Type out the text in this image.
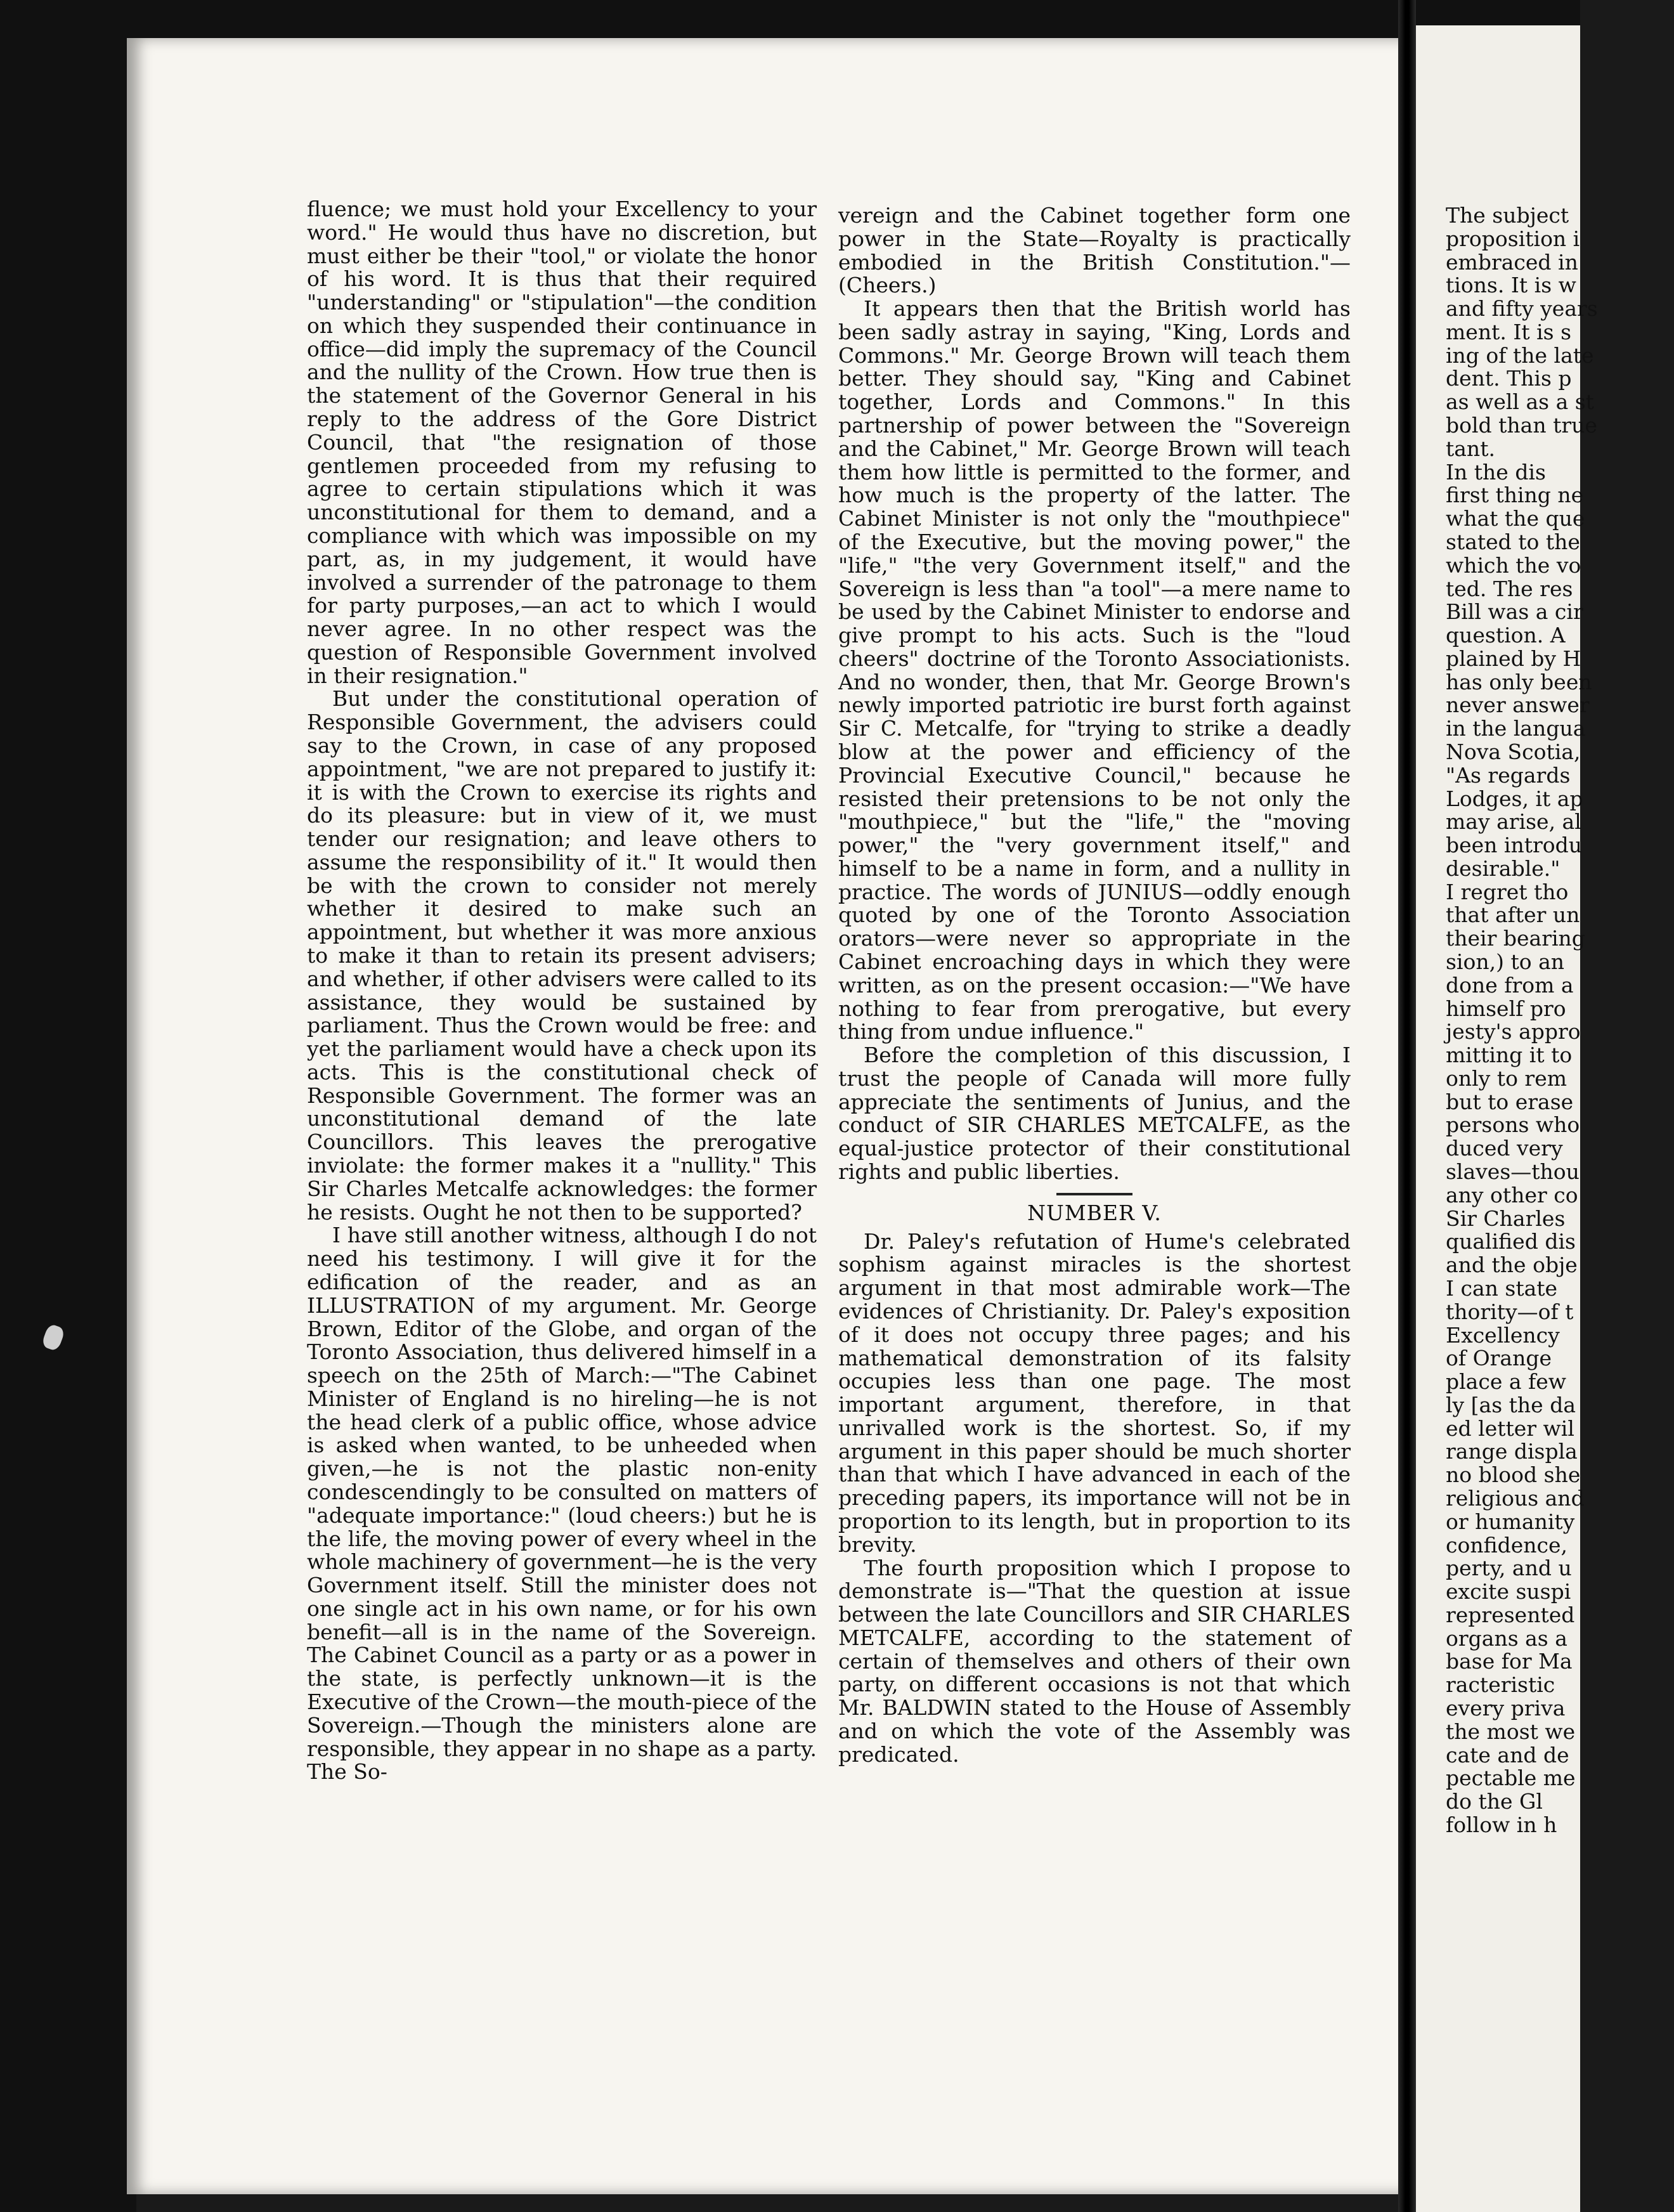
fluence; we must hold your Excellency to your word." He would thus have no discretion, but must either be their "tool," or violate the honor of his word. It is thus that their required "understanding" or "stipulation"—the condition on which they suspended their continuance in office—did imply the supremacy of the Council and the nullity of the Crown. How true then is the statement of the Governor General in his reply to the address of the Gore District Council, that "the resignation of those gentlemen proceeded from my refusing to agree to certain stipulations which it was unconstitutional for them to demand, and a compliance with which was impossible on my part, as, in my judgement, it would have involved a surrender of the patronage to them for party purposes,—an act to which I would never agree. In no other respect was the question of Responsible Government involved in their resignation."

But under the constitutional operation of Responsible Government, the advisers could say to the Crown, in case of any proposed appointment, "we are not prepared to justify it: it is with the Crown to exercise its rights and do its pleasure: but in view of it, we must tender our resignation; and leave others to assume the responsibility of it." It would then be with the crown to consider not merely whether it desired to make such an appointment, but whether it was more anxious to make it than to retain its present advisers; and whether, if other advisers were called to its assistance, they would be sustained by parliament. Thus the Crown would be free: and yet the parliament would have a check upon its acts. This is the constitutional check of Responsible Government. The former was an unconstitutional demand of the late Councillors. This leaves the prerogative inviolate: the former makes it a "nullity." This Sir Charles Metcalfe acknowledges: the former he resists. Ought he not then to be supported?

I have still another witness, although I do not need his testimony. I will give it for the edification of the reader, and as an ILLUSTRATION of my argument. Mr. George Brown, Editor of the Globe, and organ of the Toronto Association, thus delivered himself in a speech on the 25th of March:—"The Cabinet Minister of England is no hireling—he is not the head clerk of a public office, whose advice is asked when wanted, to be unheeded when given,—he is not the plastic non-enity condescendingly to be consulted on matters of "adequate importance:" (loud cheers:) but he is the life, the moving power of every wheel in the whole machinery of government—he is the very Government itself. Still the minister does not one single act in his own name, or for his own benefit—all is in the name of the Sovereign. The Cabinet Council as a party or as a power in the state, is perfectly unknown—it is the Executive of the Crown—the mouth-piece of the Sovereign.—Though the ministers alone are responsible, they appear in no shape as a party. The So-

vereign and the Cabinet together form one power in the State—Royalty is practically embodied in the British Constitution."—(Cheers.)

It appears then that the British world has been sadly astray in saying, "King, Lords and Commons." Mr. George Brown will teach them better. They should say, "King and Cabinet together, Lords and Commons." In this partnership of power between the "Sovereign and the Cabinet," Mr. George Brown will teach them how little is permitted to the former, and how much is the property of the latter. The Cabinet Minister is not only the "mouthpiece" of the Executive, but the moving power," the "life," "the very Government itself," and the Sovereign is less than "a tool"—a mere name to be used by the Cabinet Minister to endorse and give prompt to his acts. Such is the "loud cheers" doctrine of the Toronto Associationists. And no wonder, then, that Mr. George Brown's newly imported patriotic ire burst forth against Sir C. Metcalfe, for "trying to strike a deadly blow at the power and efficiency of the Provincial Executive Council," because he resisted their pretensions to be not only the "mouthpiece," but the "life," the "moving power," the "very government itself," and himself to be a name in form, and a nullity in practice. The words of JUNIUS—oddly enough quoted by one of the Toronto Association orators—were never so appropriate in the Cabinet encroaching days in which they were written, as on the present occasion:—"We have nothing to fear from prerogative, but every thing from undue influence."

Before the completion of this discussion, I trust the people of Canada will more fully appreciate the sentiments of Junius, and the conduct of SIR CHARLES METCALFE, as the equal-justice protector of their constitutional rights and public liberties.

NUMBER V.

Dr. Paley's refutation of Hume's celebrated sophism against miracles is the shortest argument in that most admirable work—The evidences of Christianity. Dr. Paley's exposition of it does not occupy three pages; and his mathematical demonstration of its falsity occupies less than one page. The most important argument, therefore, in that unrivalled work is the shortest. So, if my argument in this paper should be much shorter than that which I have advanced in each of the preceding papers, its importance will not be in proportion to its length, but in proportion to its brevity.

The fourth proposition which I propose to demonstrate is—"That the question at issue between the late Councillors and SIR CHARLES METCALFE, according to the statement of certain of themselves and others of their own party, on different occasions is not that which Mr. BALDWIN stated to the House of Assembly and on which the vote of the Assembly was predicated.

The subject

proposition i

embraced in

tions. It is w

and fifty years

ment. It is s

ing of the late

dent. This p

as well as a st

bold than true

tant.

In the dis

first thing ne

what the que

stated to the

which the vo

ted. The res

Bill was a cir

question. A

plained by H

has only been

never answer

in the langua

Nova Scotia,

"As regards

Lodges, it ap

may arise, al

been introdu

desirable."

I regret tho

that after un

their bearing

sion,) to an

done from a

himself pro

jesty's appro

mitting it to

only to rem

but to erase

persons who

duced very

slaves—thou

any other co

Sir Charles

qualified dis

and the obje

I can state

thority—of t

Excellency

of Orange

place a few

ly [as the da

ed letter wil

range displa

no blood she

religious and

or humanity

confidence,

perty, and u

excite suspi

represented

organs as a

base for Ma

racteristic

every priva

the most we

cate and de

pectable me

do the Gl

follow in h
